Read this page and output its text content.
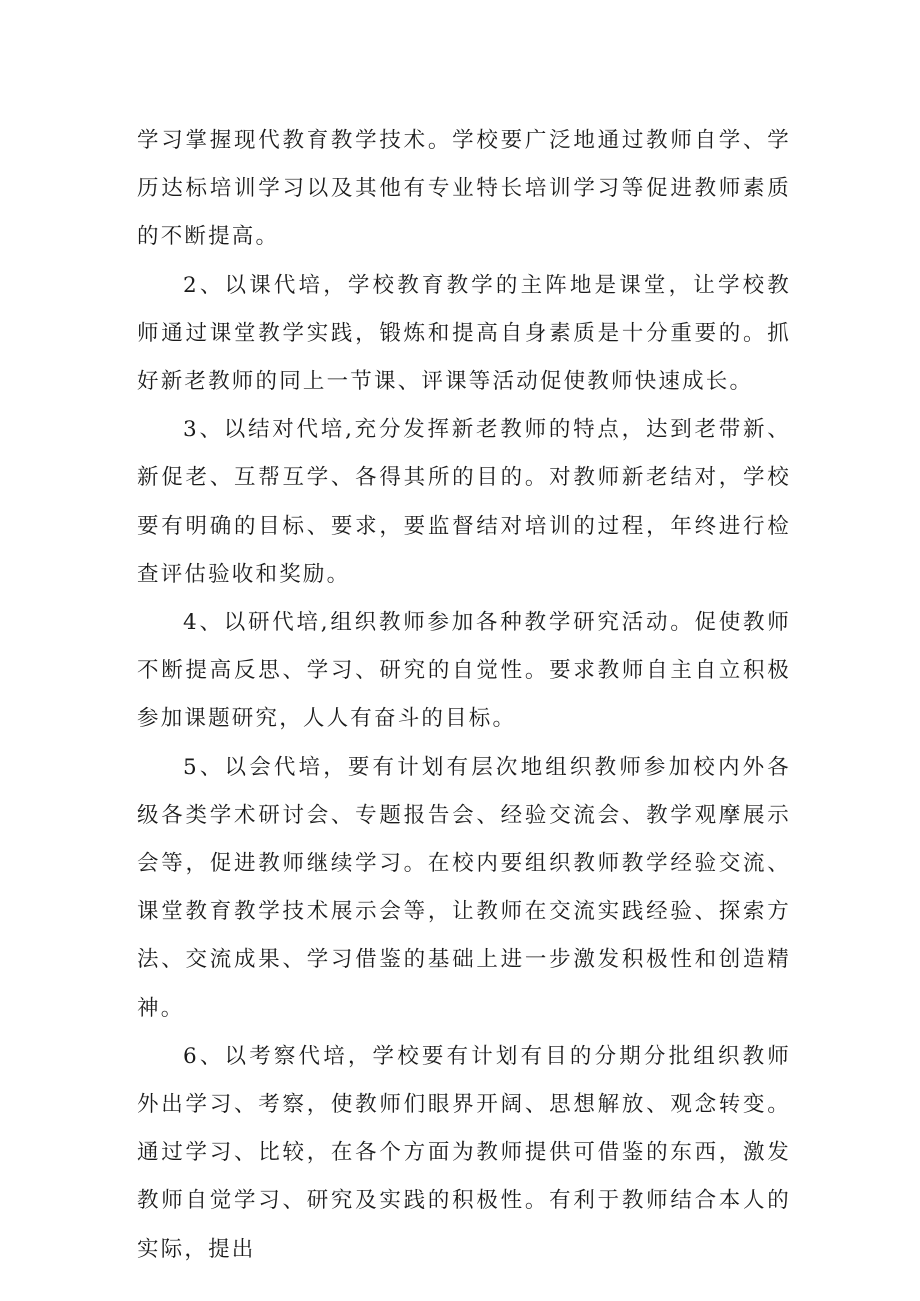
学习掌握现代教育教学技术。学校要广泛地通过教师自学、学历达标培训学习以及其他有专业特长培训学习等促进教师素质的不断提高。

2、以课代培，学校教育教学的主阵地是课堂，让学校教师通过课堂教学实践，锻炼和提高自身素质是十分重要的。抓好新老教师的同上一节课、评课等活动促使教师快速成长。

3、以结对代培,充分发挥新老教师的特点，达到老带新、新促老、互帮互学、各得其所的目的。对教师新老结对，学校要有明确的目标、要求，要监督结对培训的过程，年终进行检查评估验收和奖励。

4、以研代培,组织教师参加各种教学研究活动。促使教师不断提高反思、学习、研究的自觉性。要求教师自主自立积极参加课题研究，人人有奋斗的目标。

5、以会代培，要有计划有层次地组织教师参加校内外各级各类学术研讨会、专题报告会、经验交流会、教学观摩展示会等，促进教师继续学习。在校内要组织教师教学经验交流、课堂教育教学技术展示会等，让教师在交流实践经验、探索方法、交流成果、学习借鉴的基础上进一步激发积极性和创造精神。

6、以考察代培，学校要有计划有目的分期分批组织教师外出学习、考察，使教师们眼界开阔、思想解放、观念转变。通过学习、比较，在各个方面为教师提供可借鉴的东西，激发教师自觉学习、研究及实践的积极性。有利于教师结合本人的实际，提出
